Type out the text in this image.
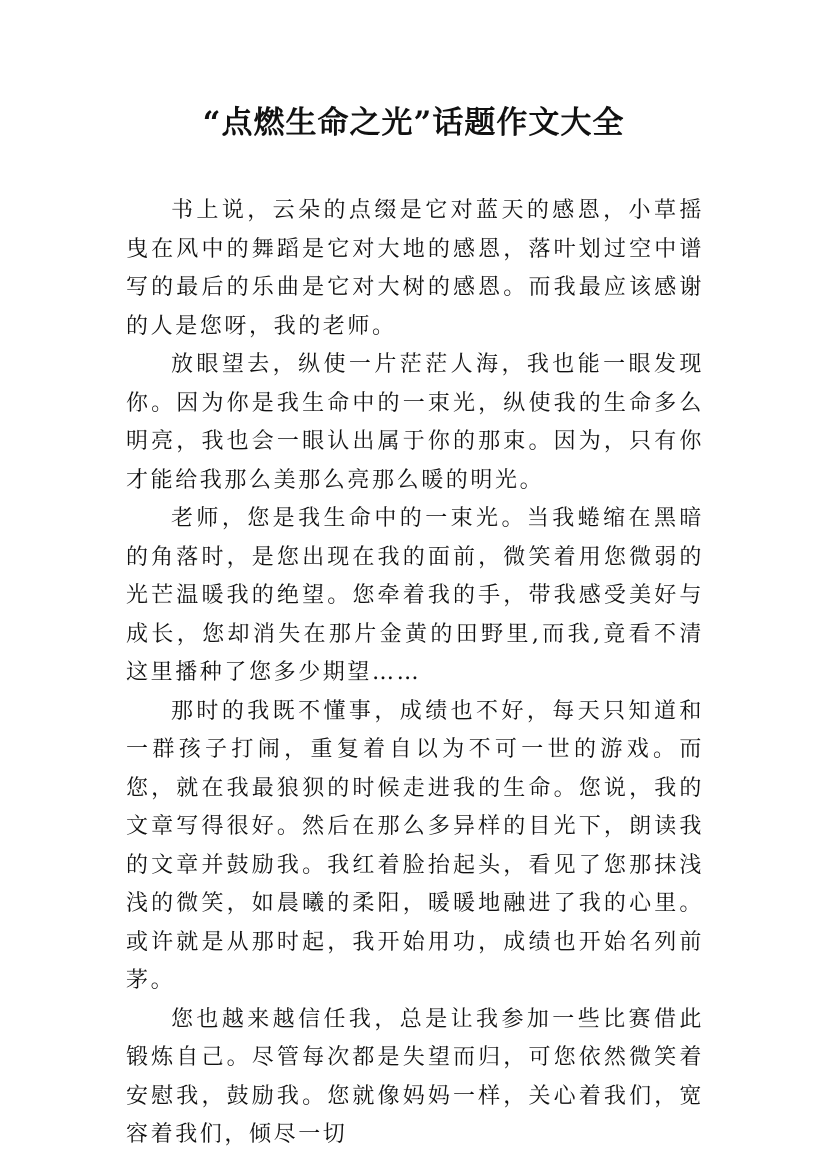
“点燃生命之光”话题作文大全

书上说，云朵的点缀是它对蓝天的感恩，小草摇曳在风中的舞蹈是它对大地的感恩，落叶划过空中谱写的最后的乐曲是它对大树的感恩。而我最应该感谢的人是您呀，我的老师。

放眼望去，纵使一片茫茫人海，我也能一眼发现你。因为你是我生命中的一束光，纵使我的生命多么明亮，我也会一眼认出属于你的那束。因为，只有你才能给我那么美那么亮那么暖的明光。

老师，您是我生命中的一束光。当我蜷缩在黑暗的角落时，是您出现在我的面前，微笑着用您微弱的光芒温暖我的绝望。您牵着我的手，带我感受美好与成长，您却消失在那片金黄的田野里,而我,竟看不清这里播种了您多少期望……

那时的我既不懂事，成绩也不好，每天只知道和一群孩子打闹，重复着自以为不可一世的游戏。而您，就在我最狼狈的时候走进我的生命。您说，我的文章写得很好。然后在那么多异样的目光下，朗读我的文章并鼓励我。我红着脸抬起头，看见了您那抹浅浅的微笑，如晨曦的柔阳，暖暖地融进了我的心里。或许就是从那时起，我开始用功，成绩也开始名列前茅。

您也越来越信任我，总是让我参加一些比赛借此锻炼自己。尽管每次都是失望而归，可您依然微笑着安慰我，鼓励我。您就像妈妈一样，关心着我们，宽容着我们，倾尽一切
